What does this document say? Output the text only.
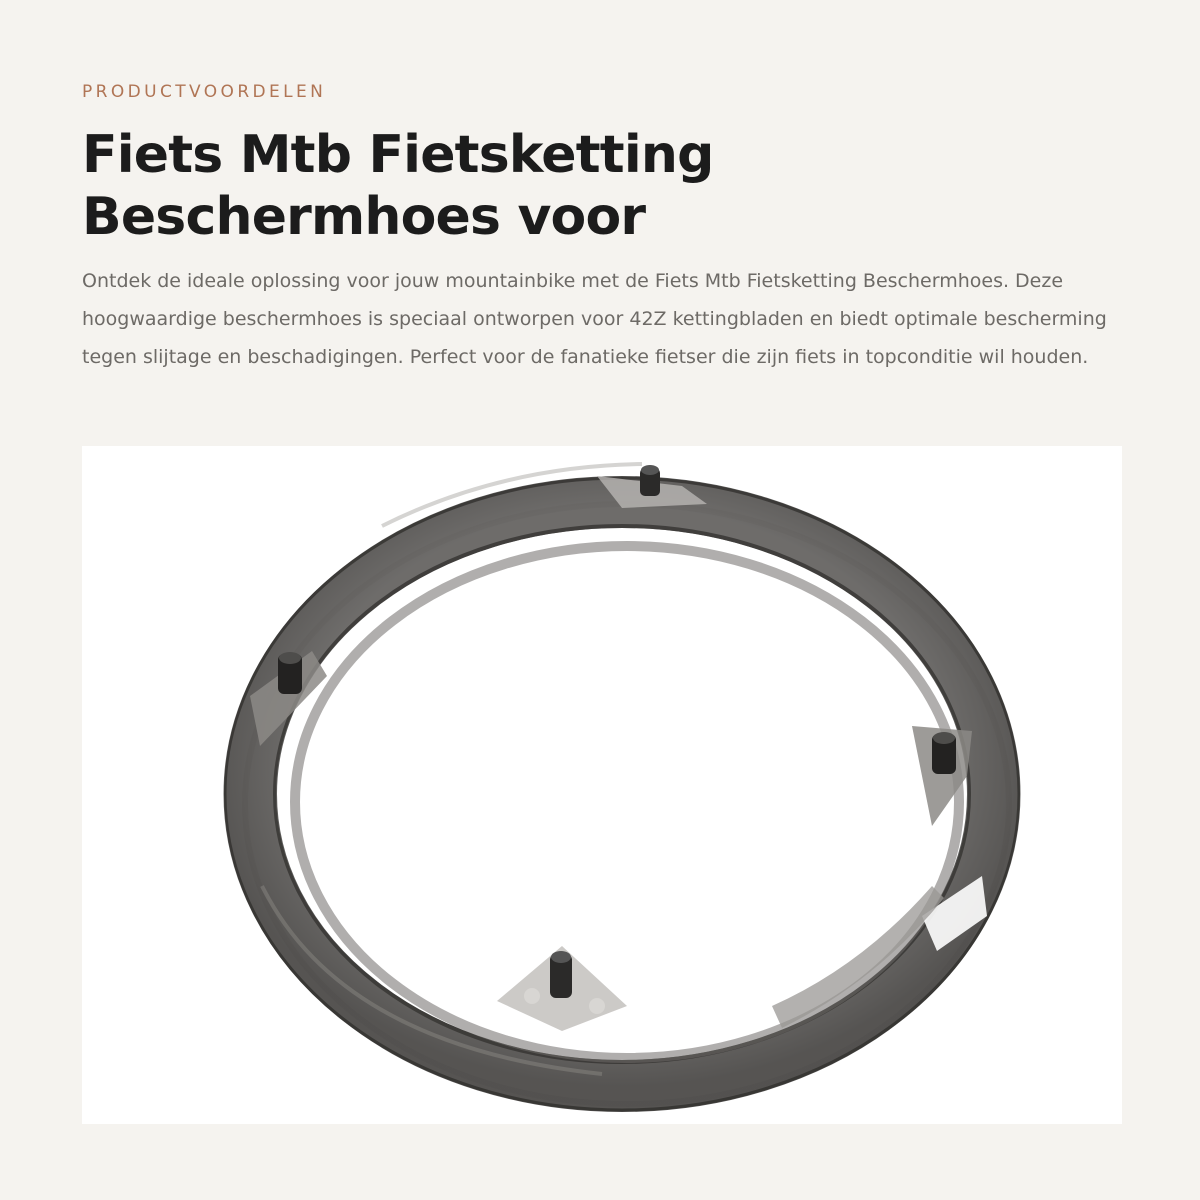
PRODUCTVOORDELEN
Fiets Mtb Fietsketting
Beschermhoes voor

Ontdek de ideale oplossing voor jouw mountainbike met de Fiets Mtb Fietsketting Beschermhoes. Deze hoogwaardige beschermhoes is speciaal ontworpen voor 42Z kettingbladen en biedt optimale bescherming tegen slijtage en beschadigingen. Perfect voor de fanatieke fietser die zijn fiets in topconditie wil houden.
